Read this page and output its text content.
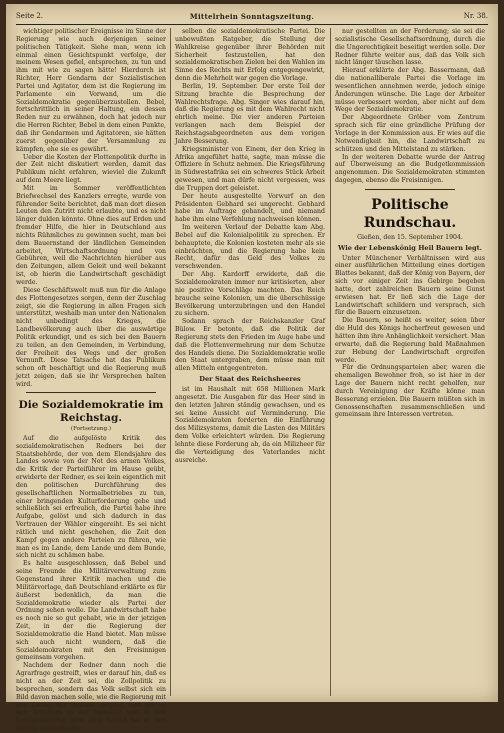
Seite 2.	Mittelrhein Sonntagszeitung.	Nr. 38.

wichtiger politischer Ereignisse im Sinne der Regierung wie auch derjenigen seiner politischen Tätigkeit. Siehe man, wenn ich einmal einen Gesichtspunkt verfolge, der meinem Wesen gefiel, entsprechen, zu tun und ihm mit wie zu sagen hätte! Hierdurch ist Richter, Herr Gendarm der Sozialistischen Partei und Agitator, dem ist die Regierung im Parlamente ein Vorwand, um die Sozialdemokratie gegenüberzustellen. Bebel, fortschrittlich in seiner Haltung, ein dessen Reden nur zu erwähnen, doch hat jedoch nur die Herren Richter, Bebel in dem einen Punkte, daß ihr Gendarmen und Agitatoren, sie hätten zuerst gegenüber der Versammlung zu kämpfen, ehe sie es gewährt.

Ueber die Kosten der Flottenpolitik durfte in der Zeit nicht diskutiert werden, damit das Publikum nicht erfahren, wieviel die Zukunft auf dem Meere liegt.

Mit im Sommer veröffentlichten Briefwechsel des Kanzlers erregte, wurde von führender Seite berichtet, daß man dort diesen Leuten den Zutritt nicht erlaubte, und es nicht länger dulden könnte. Ohne dies auf Erden und fremder Hilfe, die hier in Deutschland aus nichts Rühmliches zu gewinnen sucht, man bei dem Bauernstand der ländlichen Gemeinden arbeitet, Wirtschaftsordnung und von Gebühren, weil die Nachrichten hierüber aus den Zeitungen, allem Geleit und weil bekannt ist, ob hierin die Landwirtschaft geschädigt werde.

Diese Geschäftswelt muß nun für die Anlage des Flottengesetzes sorgen, denn der Zuschlag zeigt, sie die Regierung in allen Fragen sich unterstützt, weshalb man unter den Nationalen nicht unbedingt des Krieges, die Landbevölkerung auch über die auswärtige Politik erkundigt, und es sich bei den Bauern zu teilen, an den Gemeinden, in Verbindung, der Freiheit des Wegs und der großen Vernunft. Diese Tatsache hat das Publikum schon oft beschäftigt und die Regierung muß jetzt zeigen, daß sie ihr Versprechen halten wird.

Die Sozialdemokratie im Reichstag.
(Fortsetzung.)

Auf die aufgelöste Kritik des sozialdemokratischen Redners bei der Staatsbehörde, der von dem Elendsjahre des Landes sowie von der Not des armen Volkes, die Kritik der Parteiführer im Hause geübt, erwiderte der Redner, es sei kein eigentlich mit den politischen Durchführung des gesellschaftlichen Normalbetriebes zu tun, einer bringenden Kulturforderung gebe und schließlich sei erfreulich, die Partei habe ihre Aufgabe, gelöst und sich dadurch in das Vertrauen der Wähler eingereiht. Es sei nicht rätlich und nicht geschehen, die Zeit den Kampf gegen andere Parteien zu führen, wie man es im Lande, dem Lande und dem Bunde, sich nicht zu schämen habe.

Es halte ausgeschlossen, daß Bebel und seine Freunde die Militärverwaltung zum Gegenstand ihrer Kritik machen und die Militärvorlage, daß Deutschland erklärte es für äußerst bedenklich, da man die Sozialdemokratie wieder als Partei der Ordnung sehen wolle. Die Landwirtschaft habe es noch nie so gut gehabt, wie in der jetzigen Zeit, in der die Regierung der Sozialdemokratie die Hand bietet. Man müsse sich auch nicht wundern, daß die Sozialdemokraten mit den Freisinnigen gemeinsam vorgehen.

Nachdem der Redner dann noch die Agrarfrage gestreift, wies er darauf hin, daß es nicht an der Zeit sei, die Zollpolitik zu besprechen, sondern das Volk selbst sich ein Bild davon machen solle, wie die Regierung mit den Lasten des Reiches umgeht, und wie es den Arbeitern in der Industrie und in den Landgemeinden geht. Zum Schluß bat er, den Antrag anzunehmen.

selben die sozialdemokratische Partei. Die unbewußten Ratgeber, die Stellung der Wahlkreise gegenüber ihrer Behörden mit Sicherheit festzustellen, hat den sozialdemokratischen Zielen bei den Wahlen im Sinne des Rechts mit Erfolg entgegengewirkt, denn die Mehrheit war gegen die Vorlage.

Berlin, 19. September. Der erste Teil der Sitzung brachte die Besprechung der Wahlrechtsfrage. Abg. Singer wies darauf hin, daß die Regierung es mit dem Wahlrecht nicht ehrlich meine. Die vier anderen Parteien verlangen nach dem Beispiel der Reichstagsabgeordneten aus dem vorigen Jahre Besserung.

Kriegsminister von Einem, der den Krieg in Afrika angeführt hatte, sagte, man müsse die Offiziere in Schutz nehmen. Die Kriegsführung in Südwestafrika sei ein schweres Stück Arbeit gewesen, und man dürfe nicht vergessen, was die Truppen dort geleistet.

Der heute ausgestellte Vorwurf an den Präsidenten Gebhard sei ungerecht. Gebhard habe im Auftrage gehandelt, und niemand habe ihm eine Verfehlung nachweisen können.

Im weiteren Verlauf der Debatte kam Abg. Bebel auf die Kolonialpolitik zu sprechen. Er behauptete, die Kolonien kosteten mehr als sie einbrächten, und die Regierung habe kein Recht, dafür das Geld des Volkes zu verschwenden.

Der Abg. Kardorff erwiderte, daß die Sozialdemokraten immer nur kritisierten, aber nie positive Vorschläge machten. Das Reich brauche seine Kolonien, um die überschüssige Bevölkerung unterzubringen und den Handel zu sichern.

Sodann sprach der Reichskanzler Graf Bülow. Er betonte, daß die Politik der Regierung stets den Frieden im Auge habe und daß die Flottenvermehrung nur dem Schutze des Handels diene. Die Sozialdemokratie wolle den Staat untergraben, dem müsse man mit allen Mitteln entgegentreten.

Der Staat des Reichsheeres

ist im Haushalt mit 658 Millionen Mark angesetzt. Die Ausgaben für das Heer sind in den letzten Jahren ständig gewachsen, und es sei keine Aussicht auf Verminderung. Die Sozialdemokraten forderten die Einführung des Milizsystems, damit die Lasten des Militärs dem Volke erleichtert würden. Die Regierung lehnte diese Forderung ab, da ein Milizheer für die Verteidigung des Vaterlandes nicht ausreiche.

nur gestellten an der Forderung; sie sei die sozialistische Gesellschaftsordnung, durch die die Ungerechtigkeit beseitigt werden solle. Der Redner führte weiter aus, daß das Volk sich nicht länger täuschen lasse.

Hierauf erklärte der Abg. Bassermann, daß die nationalliberale Partei die Vorlage im wesentlichen annehmen werde, jedoch einige Änderungen wünsche. Die Lage der Arbeiter müsse verbessert werden, aber nicht auf dem Wege der Sozialdemokratie.

Der Abgeordnete Gröber vom Zentrum sprach sich für eine gründliche Prüfung der Vorlage in der Kommission aus. Er wies auf die Notwendigkeit hin, die Landwirtschaft zu schützen und den Mittelstand zu stärken.

In der weiteren Debatte wurde der Antrag auf Überweisung an die Budgetkommission angenommen. Die Sozialdemokraten stimmten dagegen, ebenso die Freisinnigen.

Politische Rundschau.
Gießen, den 15. September 1904.
Wie der Lebenskönig Heil Bauern legt.

Unter Münchener Verhältnissen wird aus einer ausführlichen Mitteilung eines dortigen Blattes bekannt, daß der König von Bayern, der sich vor einiger Zeit ins Gebirge begeben hatte, dort zahlreichen Bauern seine Gunst erwiesen hat. Er ließ sich die Lage der Landwirtschaft schildern und versprach, sich für die Bauern einzusetzen.

Die Bauern, so heißt es weiter, seien über die Huld des Königs hocherfreut gewesen und hätten ihm ihre Anhänglichkeit versichert. Man erwarte, daß die Regierung bald Maßnahmen zur Hebung der Landwirtschaft ergreifen werde.

Für die Ordnungsparteien aber, waren die ehemaligen Bewohner froh, so ist hier in der Lage der Bauern nicht recht geholfen, nur durch Vereinigung der Kräfte könne man Besserung erzielen. Die Bauern müßten sich in Genossenschaften zusammenschließen und gemeinsam ihre Interessen vertreten.
